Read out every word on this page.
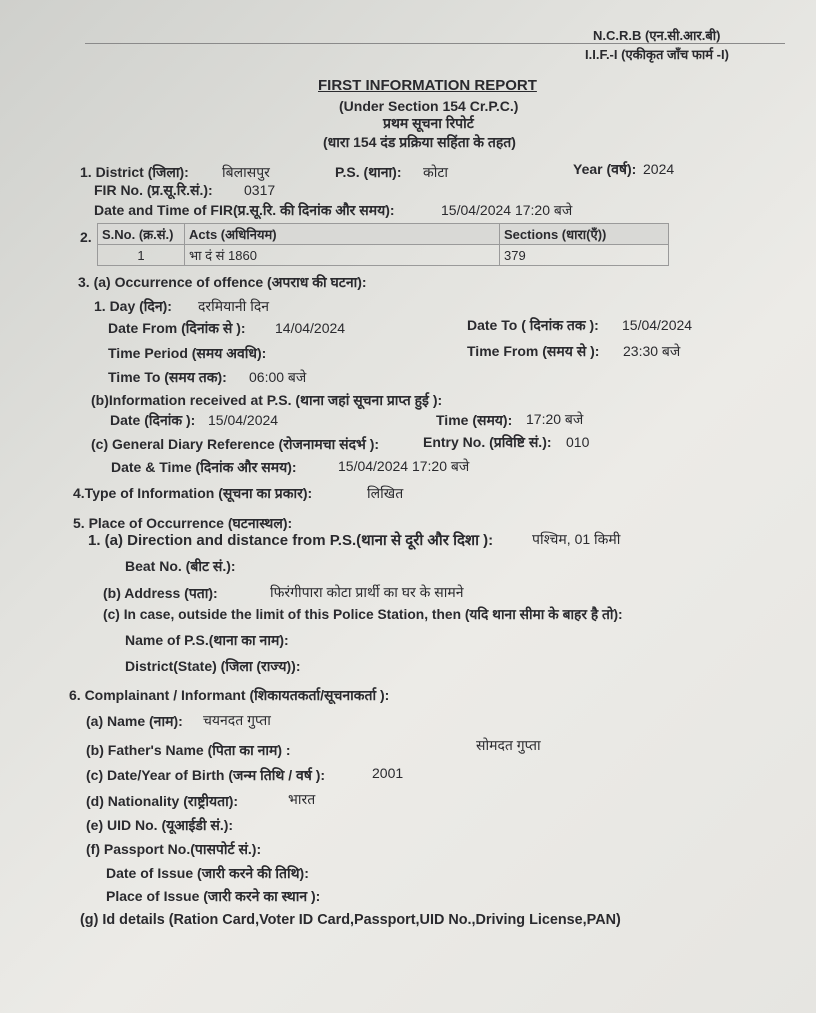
N.C.R.B (एन.सी.आर.बी)
I.I.F.-I (एकीकृत जाँच फार्म -I)
FIRST INFORMATION REPORT
(Under Section 154 Cr.P.C.)
प्रथम सूचना रिपोर्ट
(धारा 154 दंड प्रक्रिया सहिंता के तहत)
1. District (जिला): बिलासपुर	P.S. (थाना): कोटा	Year (वर्ष): 2024
FIR No. (प्र.सू.रि.सं.): 0317
Date and Time of FIR(प्र.सू.रि. की दिनांक और समय):	15/04/2024 17:20 बजे
2. S.No. (क्र.सं.)	Acts (अधिनियम)	Sections (धारा(एँ))
1	भा दं सं 1860	379
3. (a) Occurrence of offence (अपराध की घटना):
1. Day (दिन): दरमियानी दिन
Date From (दिनांक से ): 14/04/2024	Date To ( दिनांक तक ): 15/04/2024
Time Period (समय अवधि):	Time From (समय से ): 23:30 बजे
Time To (समय तक): 06:00 बजे
(b)Information received at P.S. (थाना जहां सूचना प्राप्त हुई ):
Date (दिनांक ): 15/04/2024	Time (समय): 17:20 बजे
(c) General Diary Reference (रोजनामचा संदर्भ ):	Entry No. (प्रविष्टि सं.): 010
Date & Time (दिनांक और समय):	15/04/2024 17:20 बजे
4.Type of Information (सूचना का प्रकार):	लिखित
5. Place of Occurrence (घटनास्थल):
1. (a) Direction and distance from P.S.(थाना से दूरी और दिशा ):	पश्चिम, 01 किमी
Beat No. (बीट सं.):
(b) Address (पता):	फिरंगीपारा कोटा प्रार्थी का घर के सामने
(c) In case, outside the limit of this Police Station, then (यदि थाना सीमा के बाहर है तो):
Name of P.S.(थाना का नाम):
District(State) (जिला (राज्य)):
6. Complainant / Informant (शिकायतकर्ता/सूचनाकर्ता ):
(a) Name (नाम): चयनदत गुप्ता
(b) Father's Name (पिता का नाम) :	सोमदत गुप्ता
(c) Date/Year of Birth (जन्म तिथि / वर्ष ):	2001
(d) Nationality (राष्ट्रीयता):	भारत
(e) UID No. (यूआईडी सं.):
(f) Passport No.(पासपोर्ट सं.):
Date of Issue (जारी करने की तिथि):
Place of Issue (जारी करने का स्थान ):
(g) Id details (Ration Card,Voter ID Card,Passport,UID No.,Driving License,PAN)
